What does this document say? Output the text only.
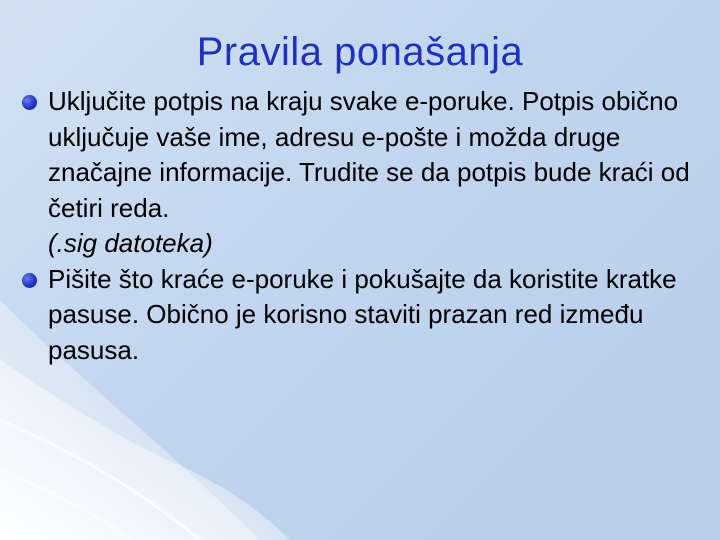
Pravila ponašanja
Uključite potpis na kraju svake e-poruke. Potpis obično uključuje vaše ime, adresu e-pošte i možda druge značajne informacije. Trudite se da potpis bude kraći od četiri reda.
(.sig datoteka)
Pišite što kraće e-poruke i pokušajte da koristite kratke pasuse. Obično je korisno staviti prazan red između pasusa.
